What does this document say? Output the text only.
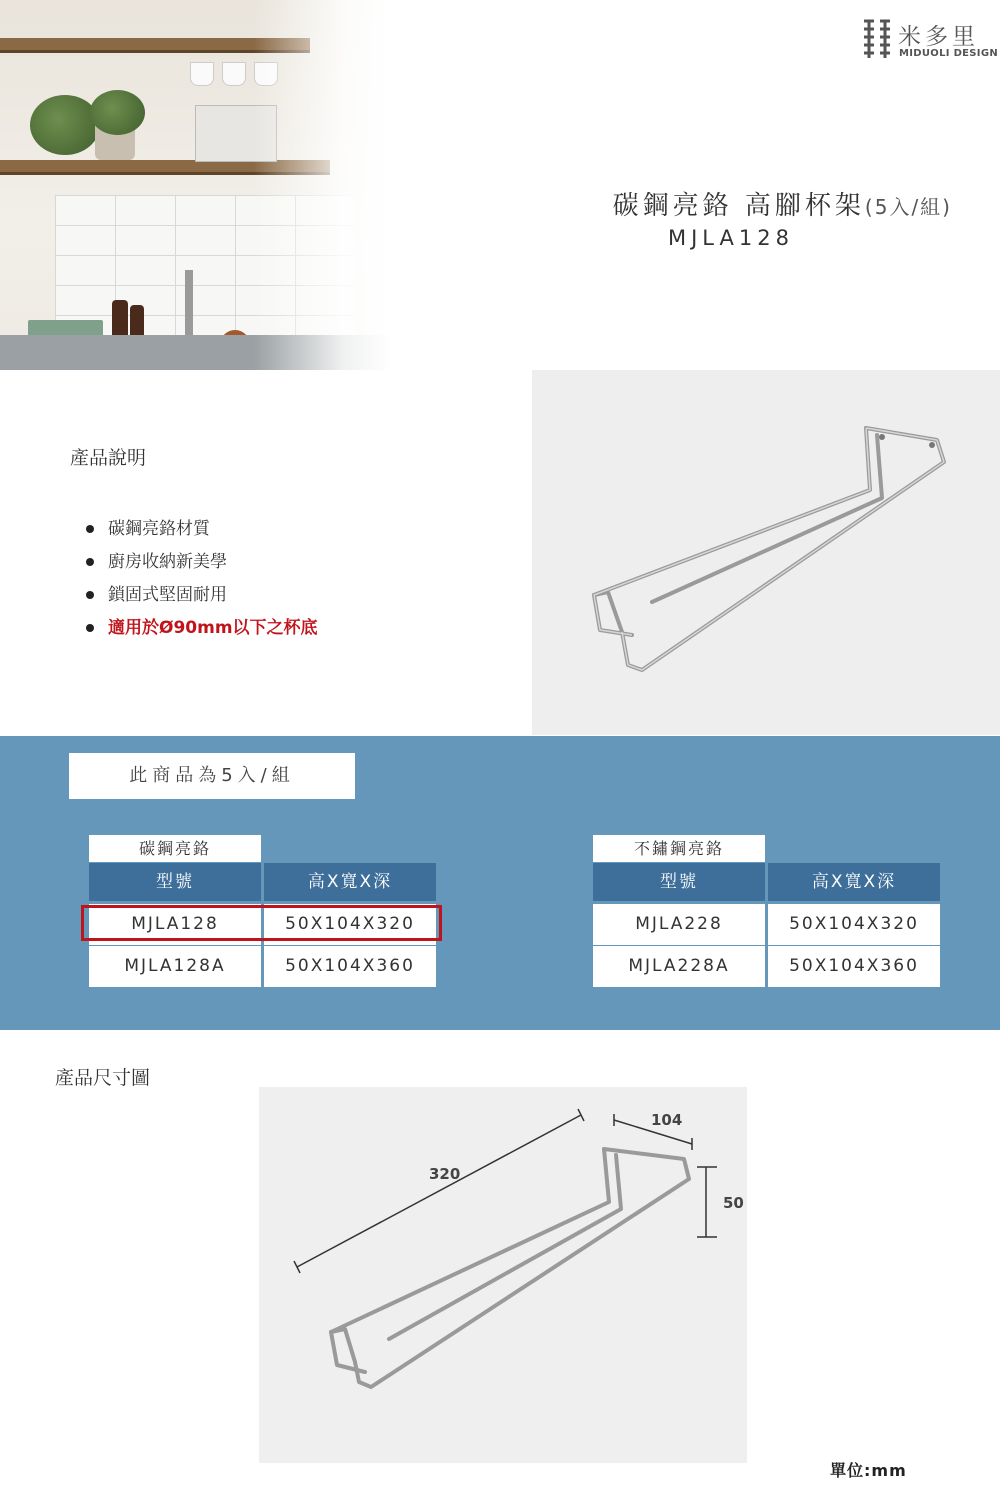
米多里
MIDUOLI DESIGN
碳鋼亮鉻 高腳杯架(5入/組)
MJLA128
產品說明
碳鋼亮鉻材質
廚房收納新美學
鎖固式堅固耐用
適用於Ø90mm以下之杯底
此商品為5入/組
碳鋼亮鉻
型號	高X寬X深
MJLA128	50X104X320
MJLA128A	50X104X360
不鏽鋼亮鉻
型號	高X寬X深
MJLA228	50X104X320
MJLA228A	50X104X360
產品尺寸圖
320
104
50
單位:mm
